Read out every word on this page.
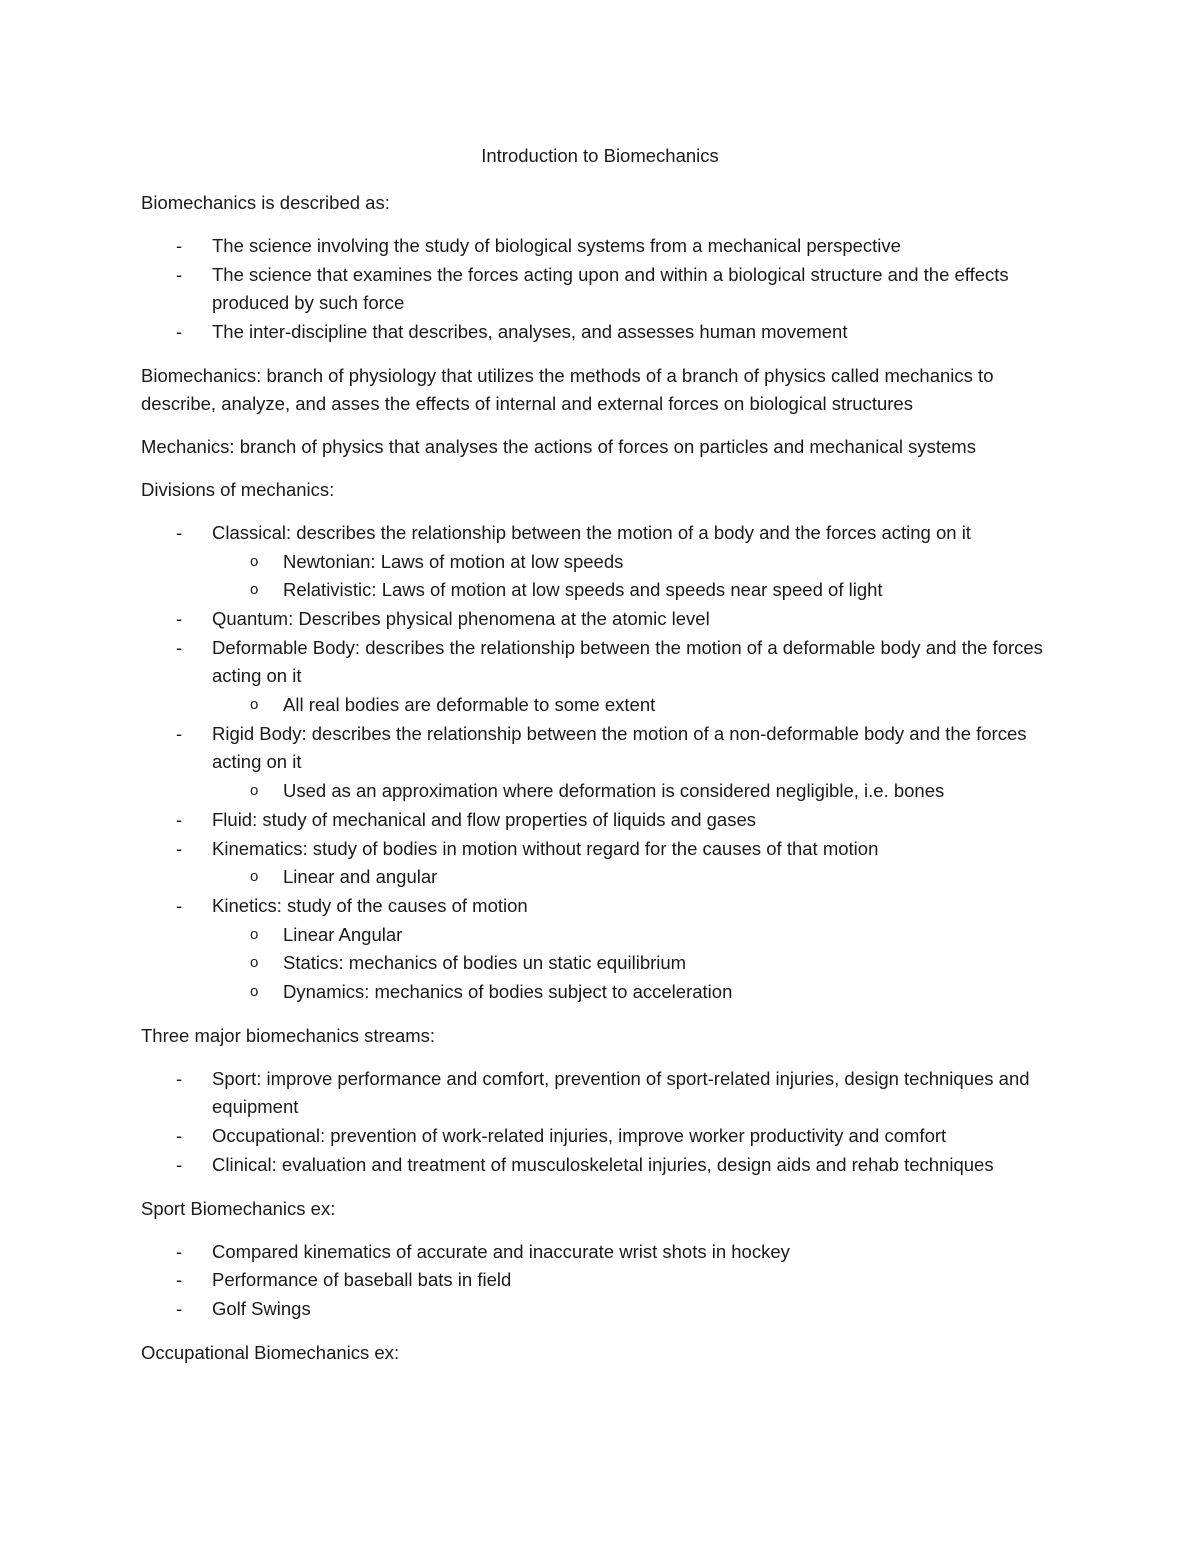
Introduction to Biomechanics

Biomechanics is described as:

- The science involving the study of biological systems from a mechanical perspective
- The science that examines the forces acting upon and within a biological structure and the effects produced by such force
- The inter-discipline that describes, analyses, and assesses human movement

Biomechanics: branch of physiology that utilizes the methods of a branch of physics called mechanics to describe, analyze, and asses the effects of internal and external forces on biological structures

Mechanics: branch of physics that analyses the actions of forces on particles and mechanical systems

Divisions of mechanics:

- Classical: describes the relationship between the motion of a body and the forces acting on it
o Newtonian: Laws of motion at low speeds
o Relativistic: Laws of motion at low speeds and speeds near speed of light
- Quantum: Describes physical phenomena at the atomic level
- Deformable Body: describes the relationship between the motion of a deformable body and the forces acting on it
o All real bodies are deformable to some extent
- Rigid Body: describes the relationship between the motion of a non-deformable body and the forces acting on it
o Used as an approximation where deformation is considered negligible, i.e. bones
- Fluid: study of mechanical and flow properties of liquids and gases
- Kinematics: study of bodies in motion without regard for the causes of that motion
o Linear and angular
- Kinetics: study of the causes of motion
o Linear Angular
o Statics: mechanics of bodies un static equilibrium
o Dynamics: mechanics of bodies subject to acceleration

Three major biomechanics streams:

- Sport: improve performance and comfort, prevention of sport-related injuries, design techniques and equipment
- Occupational: prevention of work-related injuries, improve worker productivity and comfort
- Clinical: evaluation and treatment of musculoskeletal injuries, design aids and rehab techniques

Sport Biomechanics ex:

- Compared kinematics of accurate and inaccurate wrist shots in hockey
- Performance of baseball bats in field
- Golf Swings

Occupational Biomechanics ex:
